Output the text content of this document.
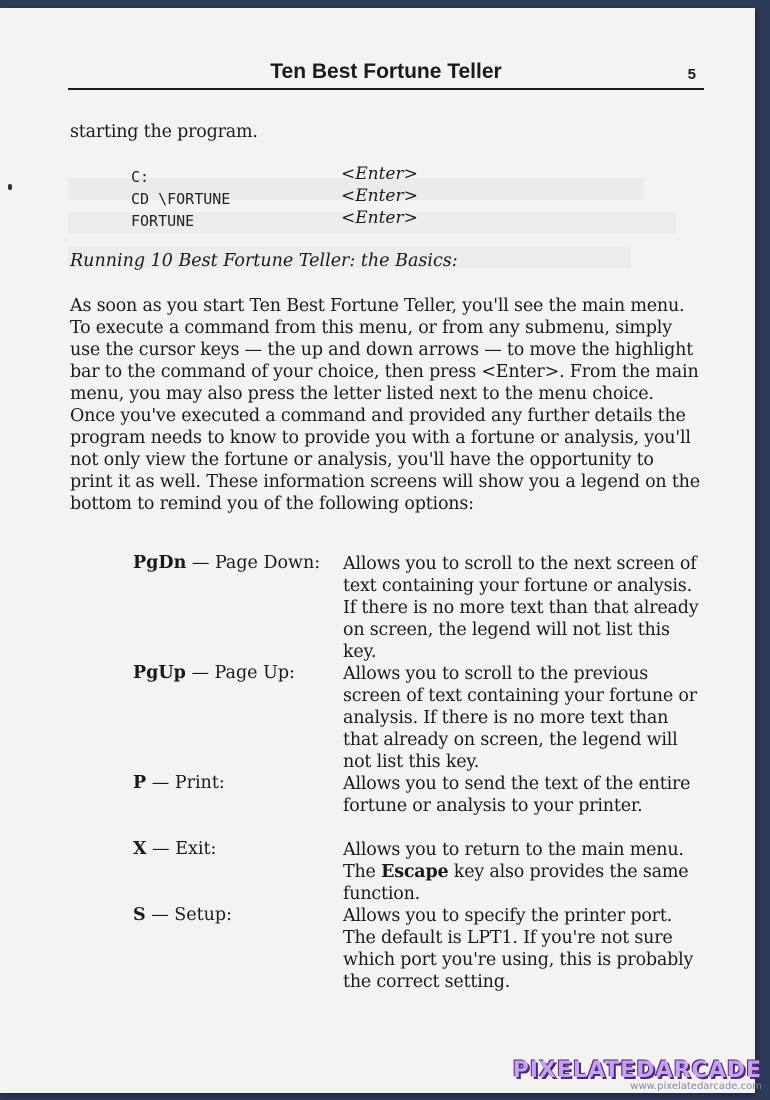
Ten Best Fortune Teller	5
starting the program.
C:	<Enter>
CD \FORTUNE	<Enter>
FORTUNE	<Enter>
Running 10 Best Fortune Teller: the Basics:
As soon as you start Ten Best Fortune Teller, you'll see the main menu. To execute a command from this menu, or from any submenu, simply use the cursor keys — the up and down arrows — to move the highlight bar to the command of your choice, then press <Enter>. From the main menu, you may also press the letter listed next to the menu choice. Once you've executed a command and provided any further details the program needs to know to provide you with a fortune or analysis, you'll not only view the fortune or analysis, you'll have the opportunity to print it as well. These information screens will show you a legend on the bottom to remind you of the following options:
PgDn — Page Down: Allows you to scroll to the next screen of text containing your fortune or analysis. If there is no more text than that already on screen, the legend will not list this key.
PgUp — Page Up:	Allows you to scroll to the previous screen of text containing your fortune or analysis. If there is no more text than that already on screen, the legend will not list this key.
P — Print:	Allows you to send the text of the entire fortune or analysis to your printer.
X — Exit:	Allows you to return to the main menu. The Escape key also provides the same function.
S — Setup:	Allows you to specify the printer port. The default is LPT1. If you're not sure which port you're using, this is probably the correct setting.
PIXELATEDARCADE
www.pixelatedarcade.com
